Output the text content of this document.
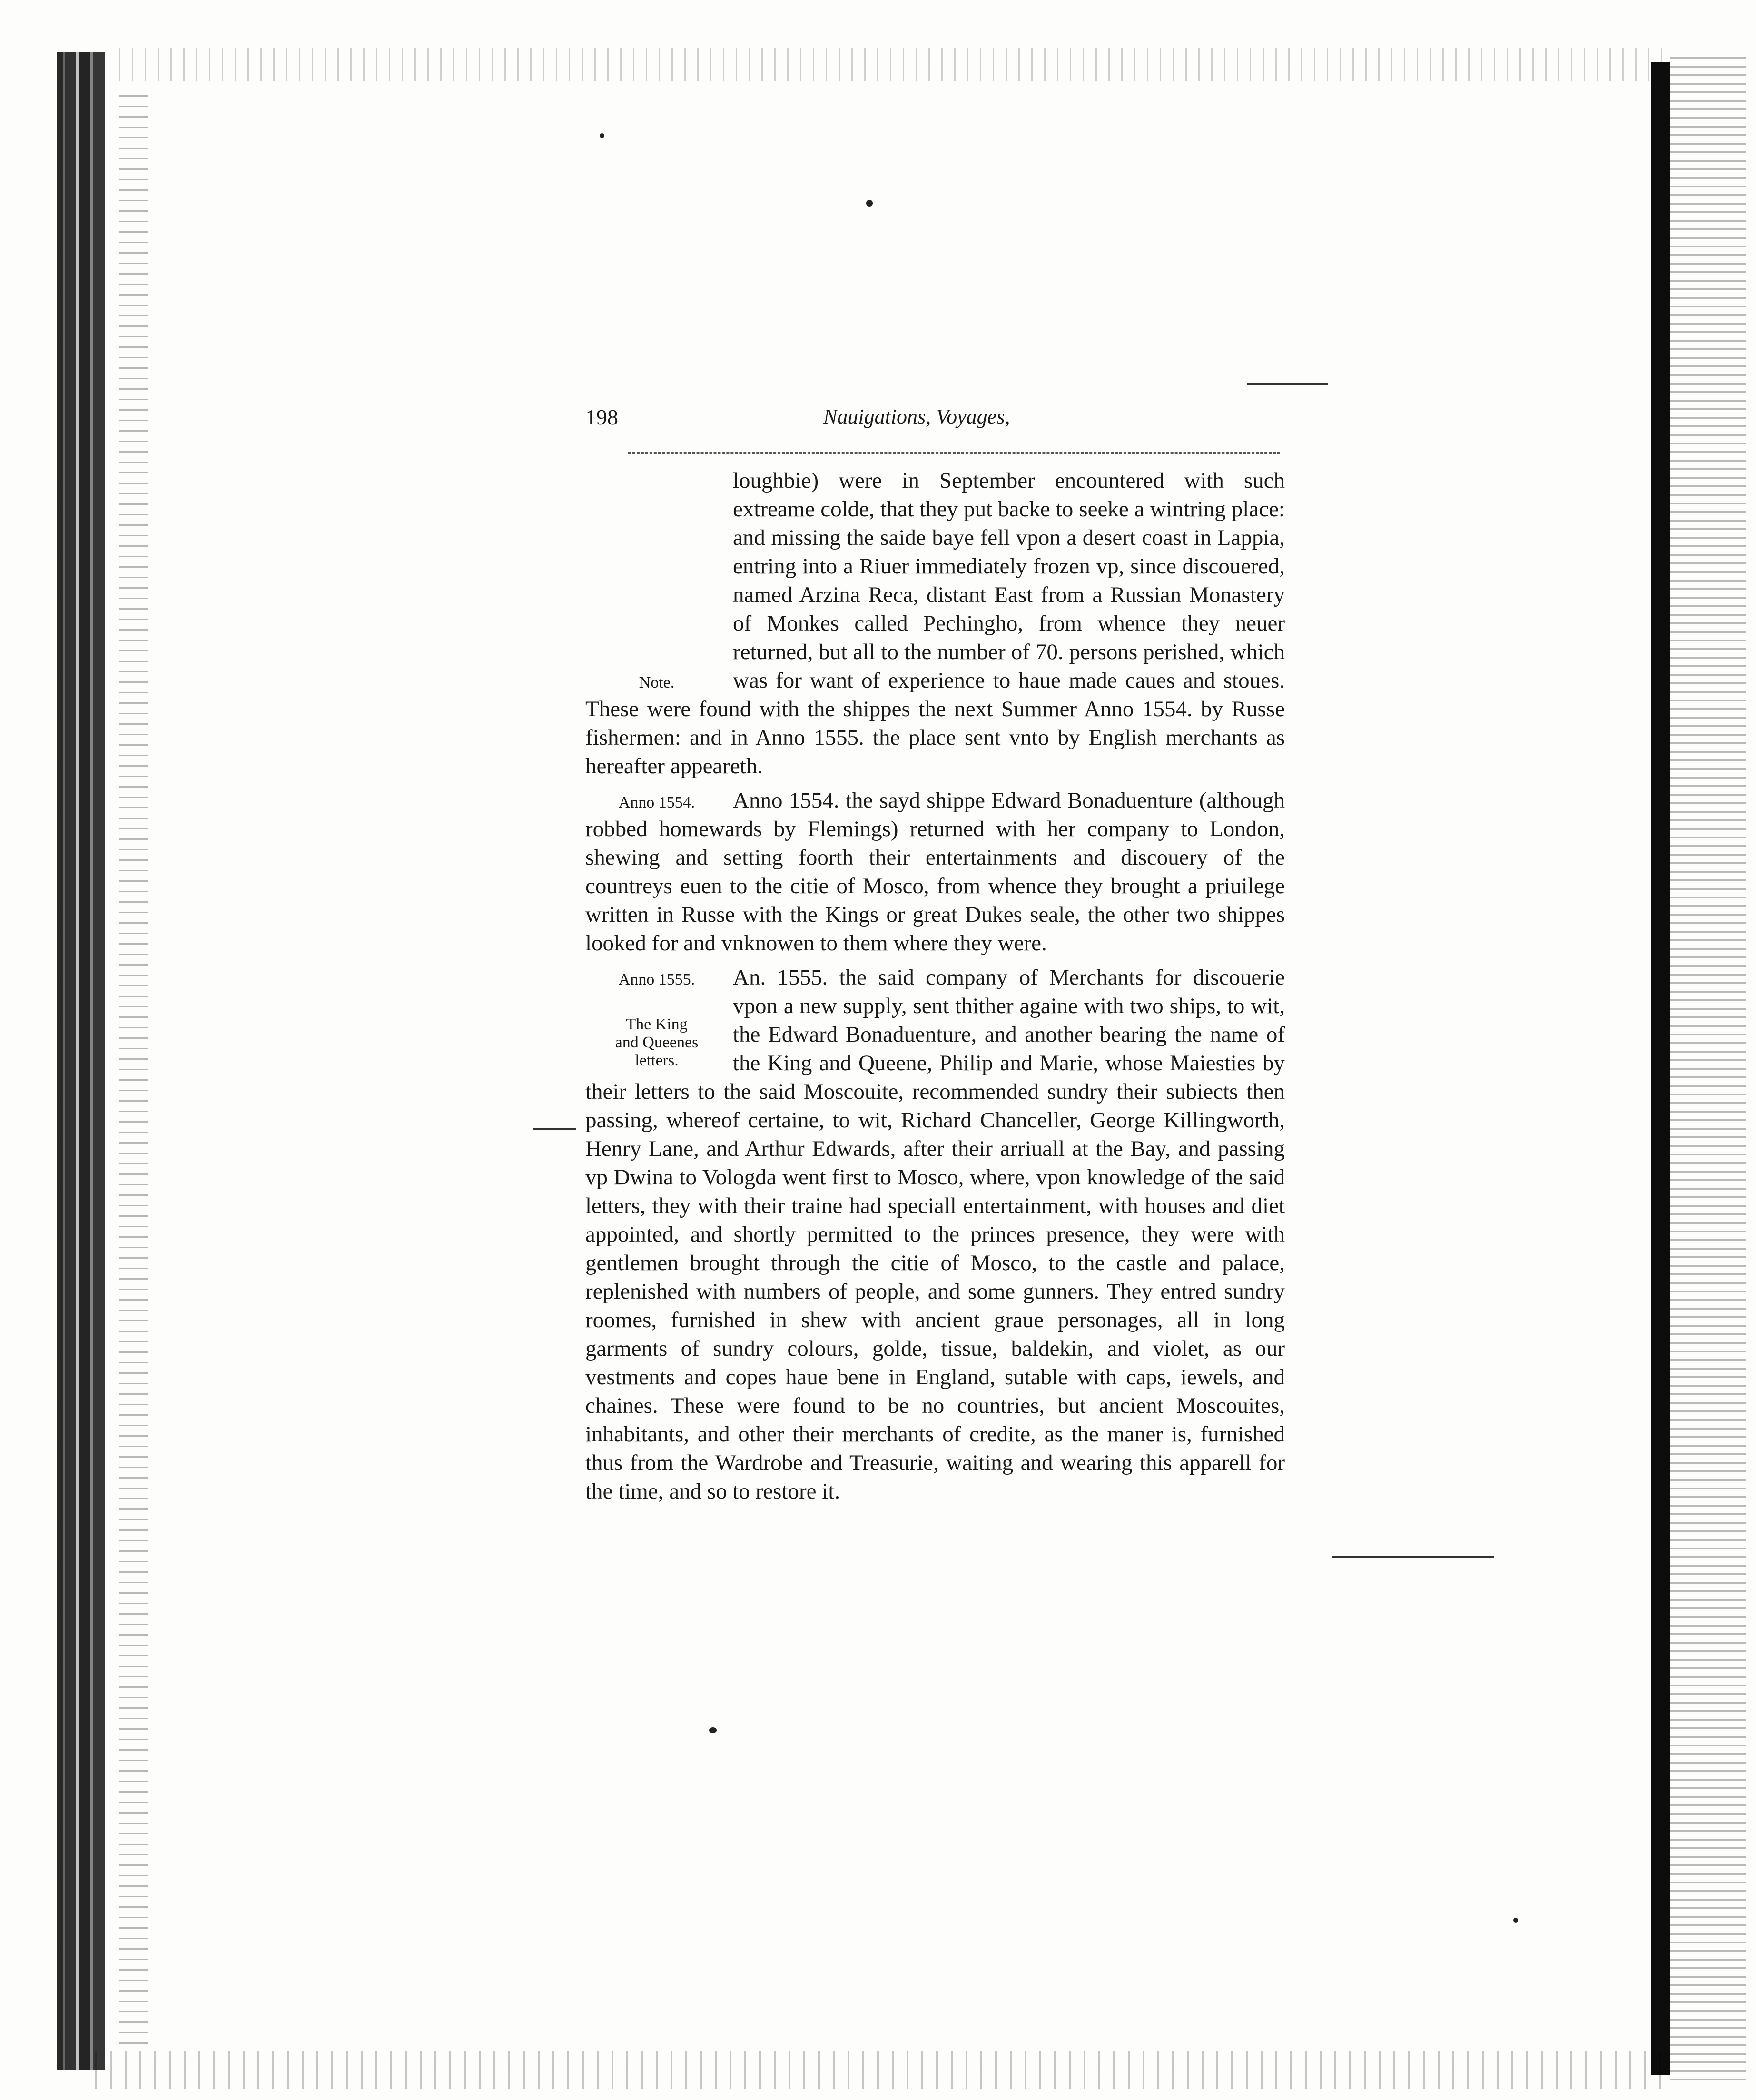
198	Nauigations, Voyages,

Note.
loughbie) were in September encountered with such extreame colde, that they put backe to seeke a wintring place: and missing the saide baye fell vpon a desert coast in Lappia, entring into a Riuer immediately frozen vp, since discouered, named Arzina Reca, distant East from a Russian Monastery of Monkes called Pechingho, from whence they neuer returned, but all to the number of 70. persons perished, which was for want of experience to haue made caues and stoues. These were found with the shippes the next Summer Anno 1554. by Russe fishermen: and in Anno 1555. the place sent vnto by English merchants as hereafter appeareth.

Anno 1554.	Anno 1554. the sayd shippe Edward Bonaduenture (although robbed homewards by Flemings) returned with her company to London, shewing and setting foorth their entertainments and discouery of the countreys euen to the citie of Mosco, from whence they brought a priuilege written in Russe with the Kings or great Dukes seale, the other two shippes looked for and vnknowen to them where they were.

Anno 1555.
The King
and Queenes
letters.
An. 1555. the said company of Merchants for discouerie vpon a new supply, sent thither againe with two ships, to wit, the Edward Bonaduenture, and another bearing the name of the King and Queene, Philip and Marie, whose Maiesties by their letters to the said Moscouite, recommended sundry their subiects then passing, whereof certaine, to wit, Richard Chanceller, George Killingworth, Henry Lane, and Arthur Edwards, after their arriuall at the Bay, and passing vp Dwina to Vologda went first to Mosco, where, vpon knowledge of the said letters, they with their traine had speciall entertainment, with houses and diet appointed, and shortly permitted to the princes presence, they were with gentlemen brought through the citie of Mosco, to the castle and palace, replenished with numbers of people, and some gunners. They entred sundry roomes, furnished in shew with ancient graue personages, all in long garments of sundry colours, golde, tissue, baldekin, and violet, as our vestments and copes haue bene in England, sutable with caps, iewels, and chaines. These were found to be no countries, but ancient Moscouites, inhabitants, and other their merchants of credite, as the maner is, furnished thus from the Wardrobe and Treasurie, waiting and wearing this apparell for the time, and so to restore it.
